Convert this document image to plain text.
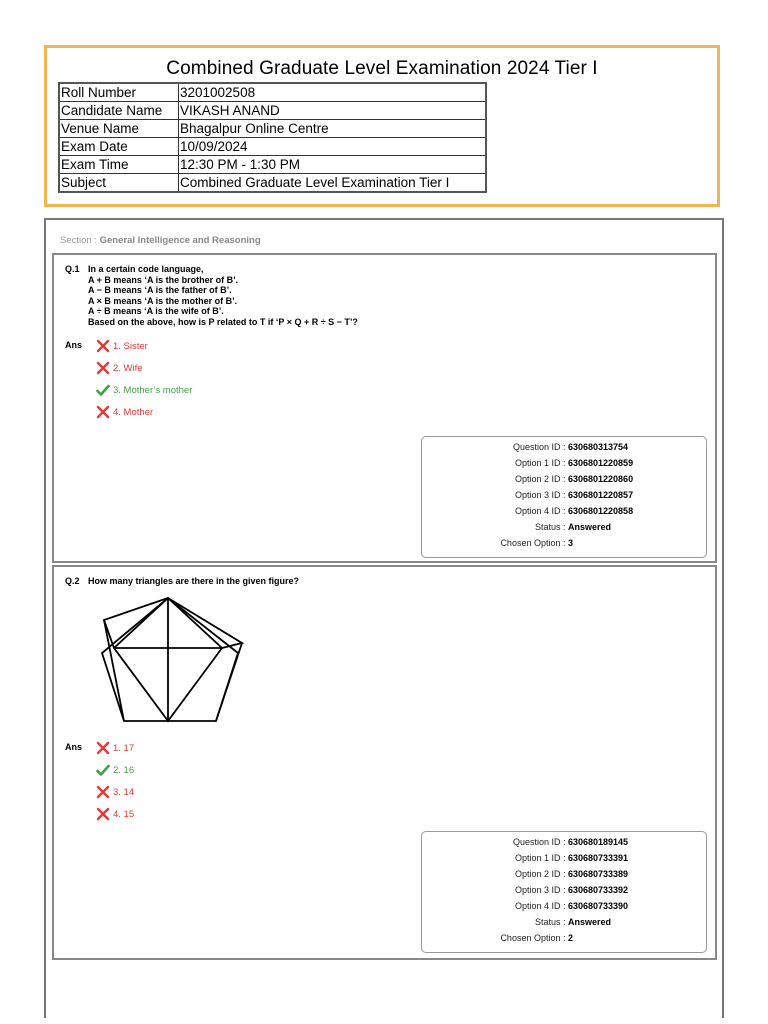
Combined Graduate Level Examination 2024 Tier I
Roll Number	3201002508
Candidate Name	VIKASH ANAND
Venue Name	Bhagalpur Online Centre
Exam Date	10/09/2024
Exam Time	12:30 PM - 1:30 PM
Subject	Combined Graduate Level Examination Tier I
Section : General Intelligence and Reasoning
Q.1 In a certain code language,
A + B means ‘A is the brother of B’.
A − B means ‘A is the father of B’.
A × B means ‘A is the mother of B’.
A ÷ B means ‘A is the wife of B’.
Based on the above, how is P related to T if ‘P × Q + R ÷ S − T’?
Ans	1. Sister
2. Wife
3. Mother’s mother
4. Mother
Question ID : 630680313754
Option 1 ID : 6306801220859
Option 2 ID : 6306801220860
Option 3 ID : 6306801220857
Option 4 ID : 6306801220858
Status : Answered
Chosen Option : 3
Q.2 How many triangles are there in the given figure?
Ans	1. 17
2. 16
3. 14
4. 15
Question ID : 630680189145
Option 1 ID : 630680733391
Option 2 ID : 630680733389
Option 3 ID : 630680733392
Option 4 ID : 630680733390
Status : Answered
Chosen Option : 2
